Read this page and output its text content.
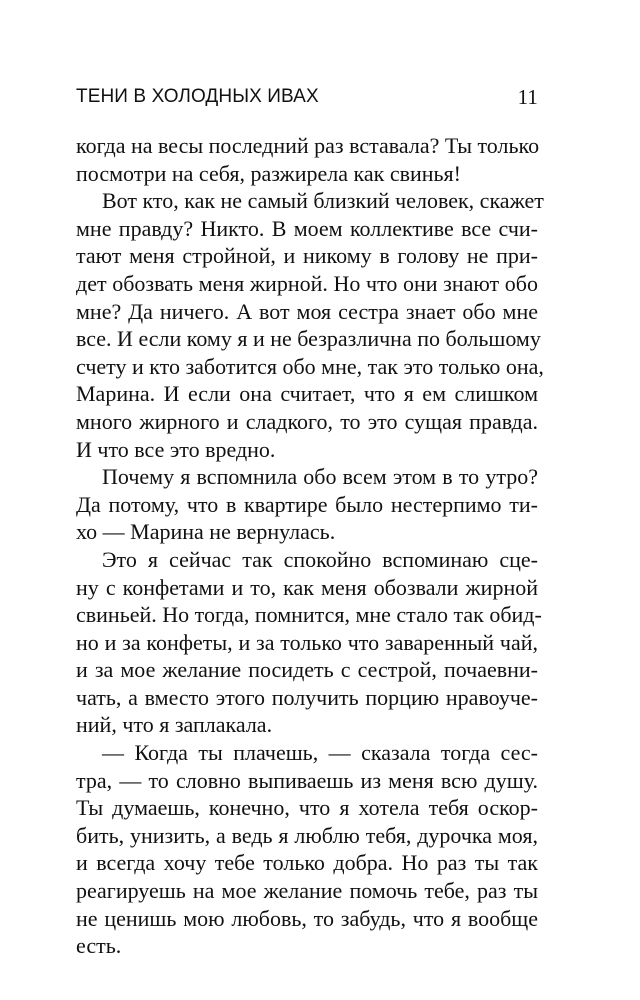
ТЕНИ В ХОЛОДНЫХ ИВАХ	11
когда на весы последний раз вставала? Ты только
посмотри на себя, разжирела как свинья!
Вот кто, как не самый близкий человек, скажет
мне правду? Никто. В моем коллективе все счи-
тают меня стройной, и никому в голову не при-
дет обозвать меня жирной. Но что они знают обо
мне? Да ничего. А вот моя сестра знает обо мне
все. И если кому я и не безразлична по большому
счету и кто заботится обо мне, так это только она,
Марина. И если она считает, что я ем слишком
много жирного и сладкого, то это сущая правда.
И что все это вредно.
Почему я вспомнила обо всем этом в то утро?
Да потому, что в квартире было нестерпимо ти-
хо — Марина не вернулась.
Это я сейчас так спокойно вспоминаю сце-
ну с конфетами и то, как меня обозвали жирной
свиньей. Но тогда, помнится, мне стало так обид-
но и за конфеты, и за только что заваренный чай,
и за мое желание посидеть с сестрой, почаевни-
чать, а вместо этого получить порцию нравоуче-
ний, что я заплакала.
— Когда ты плачешь, — сказала тогда сес-
тра, — то словно выпиваешь из меня всю душу.
Ты думаешь, конечно, что я хотела тебя оскор-
бить, унизить, а ведь я люблю тебя, дурочка моя,
и всегда хочу тебе только добра. Но раз ты так
реагируешь на мое желание помочь тебе, раз ты
не ценишь мою любовь, то забудь, что я вообще
есть.
